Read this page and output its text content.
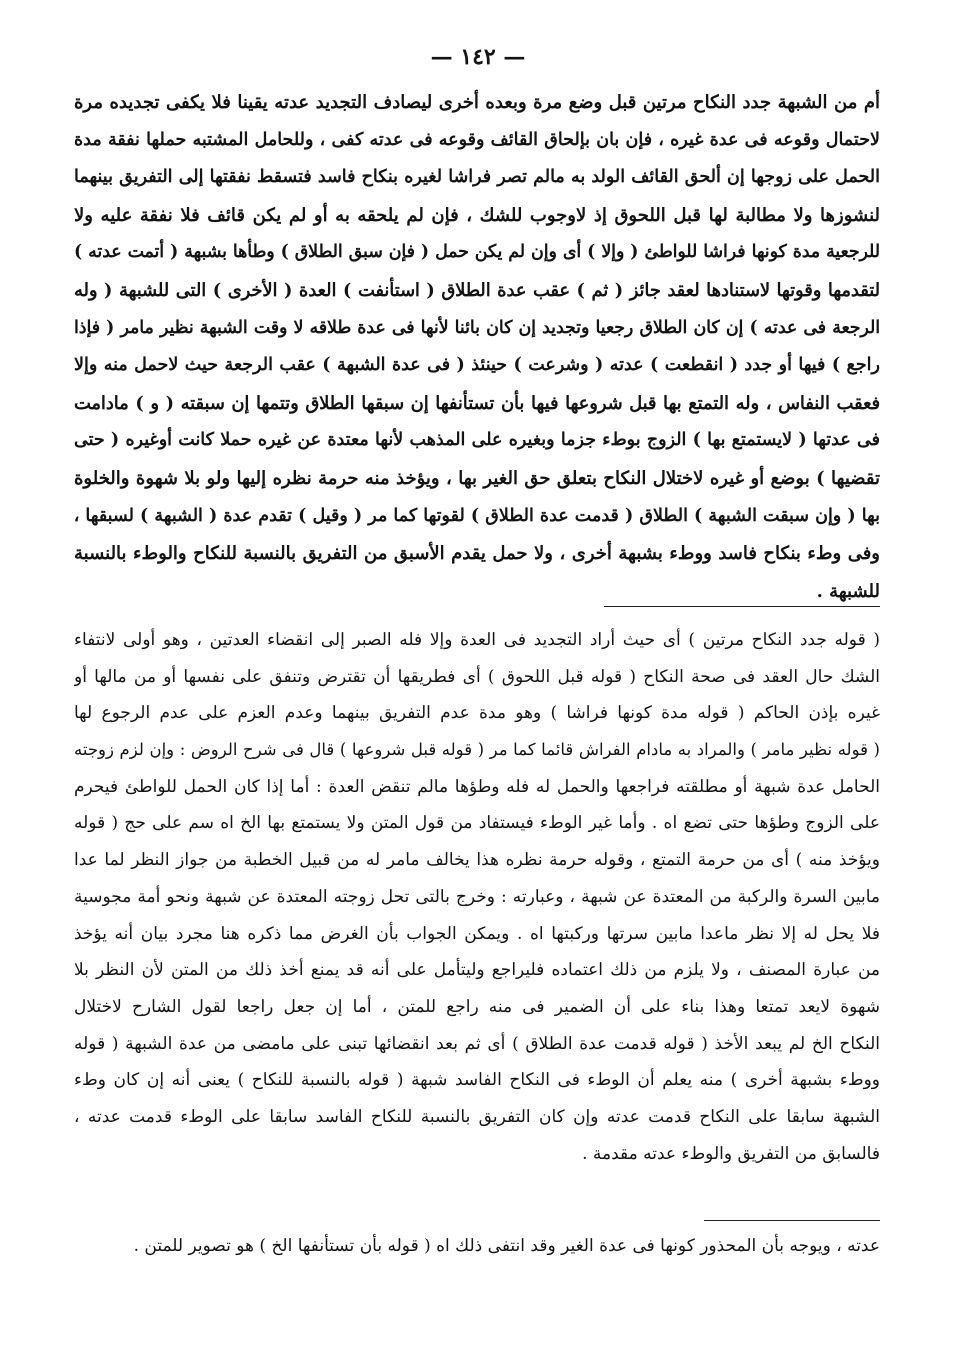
— ١٤٢ —
أم من الشبهة جدد النكاح مرتين قبل وضع مرة وبعده أخرى ليصادف التجديد عدته يقينا فلا يكفى تجديده مرة
لاحتمال وقوعه فى عدة غيره ، فإن بان بإلحاق القائف وقوعه فى عدته كفى ، وللحامل المشتبه حملها نفقة مدة
الحمل على زوجها إن ألحق القائف الولد به مالم تصر فراشا لغيره بنكاح فاسد فتسقط نفقتها إلى التفريق بينهما
لنشوزها ولا مطالبة لها قبل اللحوق إذ لاوجوب للشك ، فإن لم يلحقه به أو لم يكن قائف فلا نفقة عليه ولا
للرجعية مدة كونها فراشا للواطئ ( وإلا ) أى وإن لم يكن حمل ( فإن سبق الطلاق ) وطأها بشبهة ( أتمت عدته )
لتقدمها وقوتها لاستنادها لعقد جائز ( ثم ) عقب عدة الطلاق ( استأنفت ) العدة ( الأخرى ) التى للشبهة ( وله
الرجعة فى عدته ) إن كان الطلاق رجعيا وتجديد إن كان بائنا لأنها فى عدة طلاقه لا وقت الشبهة نظير مامر ( فإذا
راجع ) فيها أو جدد ( انقطعت ) عدته ( وشرعت ) حينئذ ( فى عدة الشبهة ) عقب الرجعة حيث لاحمل منه وإلا
فعقب النفاس ، وله التمتع بها قبل شروعها فيها بأن تستأنفها إن سبقها الطلاق وتتمها إن سبقته ( و ) مادامت
فى عدتها ( لايستمتع بها ) الزوج بوطء جزما وبغيره على المذهب لأنها معتدة عن غيره حملا كانت أوغيره ( حتى
تقضيها ) بوضع أو غيره لاختلال النكاح بتعلق حق الغير بها ، ويؤخذ منه حرمة نظره إليها ولو بلا شهوة والخلوة
بها ( وإن سبقت الشبهة ) الطلاق ( قدمت عدة الطلاق ) لقوتها كما مر ( وقيل ) تقدم عدة ( الشبهة ) لسبقها ،
وفى وطء بنكاح فاسد ووطء بشبهة أخرى ، ولا حمل يقدم الأسبق من التفريق بالنسبة للنكاح والوطء بالنسبة
للشبهة .
( قوله جدد النكاح مرتين ) أى حيث أراد التجديد فى العدة وإلا فله الصبر إلى انقضاء العدتين ، وهو أولى لانتفاء
الشك حال العقد فى صحة النكاح ( قوله قبل اللحوق ) أى فطريقها أن تقترض وتنفق على نفسها أو من مالها أو
غيره بإذن الحاكم ( قوله مدة كونها فراشا ) وهو مدة عدم التفريق بينهما وعدم العزم على عدم الرجوع لها
( قوله نظير مامر ) والمراد به مادام الفراش قائما كما مر ( قوله قبل شروعها ) قال فى شرح الروض : وإن لزم زوجته
الحامل عدة شبهة أو مطلقته فراجعها والحمل له فله وطؤها مالم تنقض العدة : أما إذا كان الحمل للواطئ فيحرم
على الزوج وطؤها حتى تضع اه . وأما غير الوطء فيستفاد من قول المتن ولا يستمتع بها الخ اه سم على حج ( قوله
ويؤخذ منه ) أى من حرمة التمتع ، وقوله حرمة نظره هذا يخالف مامر له من قبيل الخطبة من جواز النظر لما عدا
مابين السرة والركبة من المعتدة عن شبهة ، وعبارته : وخرج بالتى تحل زوجته المعتدة عن شبهة ونحو أمة مجوسية
فلا يحل له إلا نظر ماعدا مابين سرتها وركبتها اه . ويمكن الجواب بأن الغرض مما ذكره هنا مجرد بيان أنه يؤخذ
من عبارة المصنف ، ولا يلزم من ذلك اعتماده فليراجع وليتأمل على أنه قد يمنع أخذ ذلك من المتن لأن النظر بلا
شهوة لايعد تمتعا وهذا بناء على أن الضمير فى منه راجع للمتن ، أما إن جعل راجعا لقول الشارح لاختلال
النكاح الخ لم يبعد الأخذ ( قوله قدمت عدة الطلاق ) أى ثم بعد انقضائها تبنى على مامضى من عدة الشبهة ( قوله
ووطء بشبهة أخرى ) منه يعلم أن الوطء فى النكاح الفاسد شبهة ( قوله بالنسبة للنكاح ) يعنى أنه إن كان وطء
الشبهة سابقا على النكاح قدمت عدته وإن كان التفريق بالنسبة للنكاح الفاسد سابقا على الوطء قدمت عدته ،
فالسابق من التفريق والوطء عدته مقدمة .
عدته ، ويوجه بأن المحذور كونها فى عدة الغير وقد انتفى ذلك اه ( قوله بأن تستأنفها الخ ) هو تصوير للمتن .
